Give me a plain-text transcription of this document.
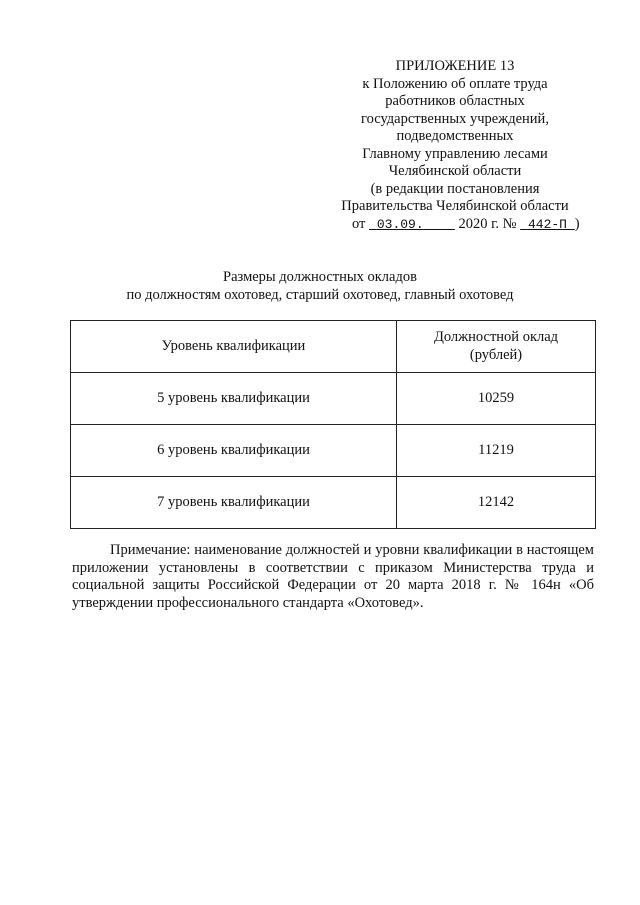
ПРИЛОЖЕНИЕ 13
к Положению об оплате труда
работников областных
государственных учреждений,
подведомственных
Главному управлению лесами
Челябинской области
(в редакции постановления
Правительства Челябинской области
от 03.09. 2020 г. № 442-П )
Размеры должностных окладов
по должностям охотовед, старший охотовед, главный охотовед
Уровень квалификации	Должностной оклад
(рублей)

5 уровень квалификации	10259
6 уровень квалификации	11219
7 уровень квалификации	12142
Примечание: наименование должностей и уровни квалификации в настоящем приложении установлены в соответствии с приказом Министерства труда и социальной защиты Российской Федерации от 20 марта 2018 г. № 164н «Об утверждении профессионального стандарта «Охотовед».
